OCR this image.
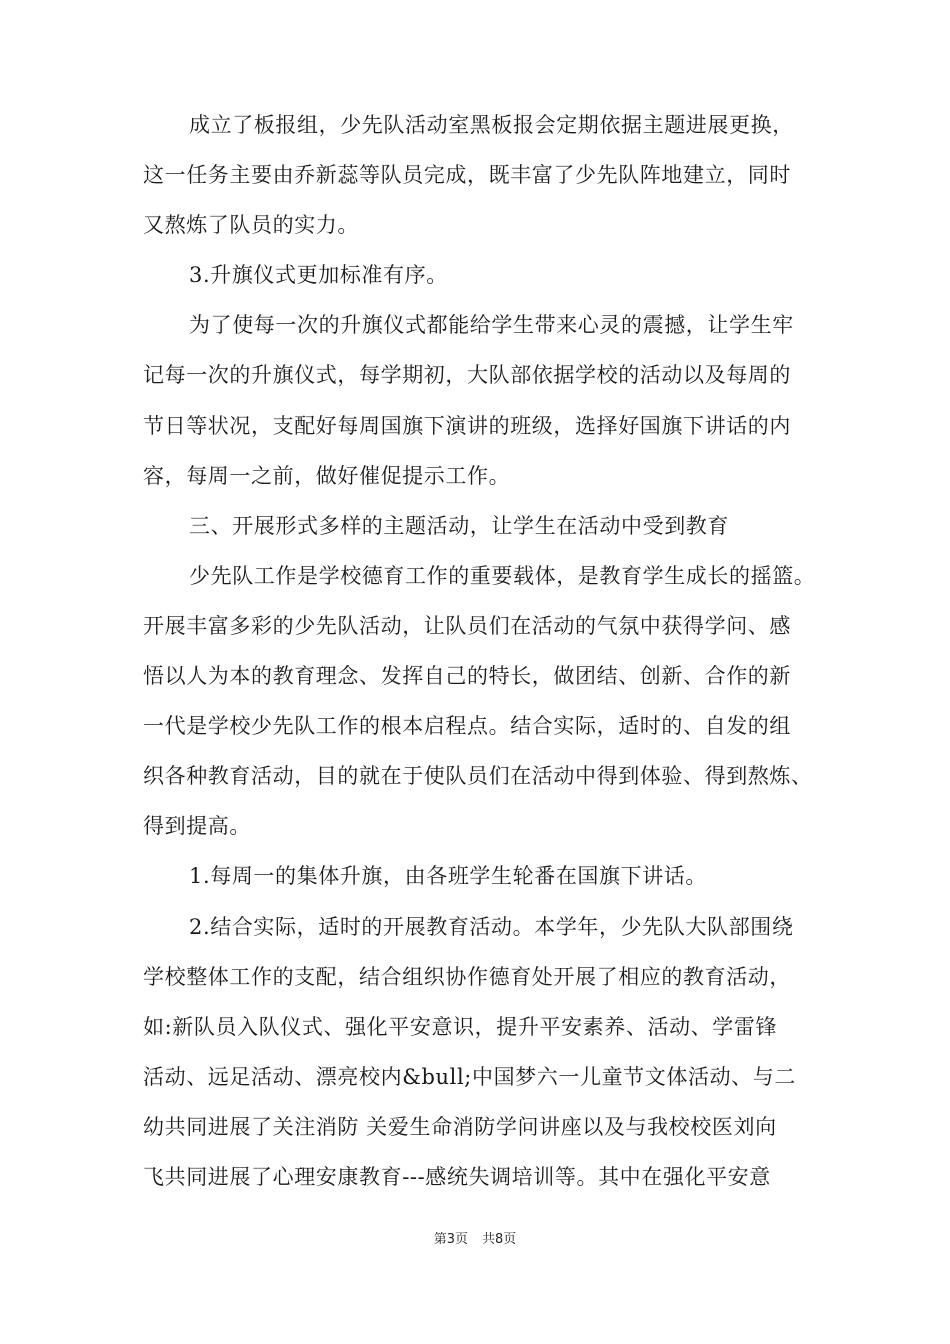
成立了板报组，少先队活动室黑板报会定期依据主题进展更换，
这一任务主要由乔新蕊等队员完成，既丰富了少先队阵地建立，同时
又熬炼了队员的实力。
3.升旗仪式更加标准有序。
为了使每一次的升旗仪式都能给学生带来心灵的震撼，让学生牢
记每一次的升旗仪式，每学期初，大队部依据学校的活动以及每周的
节日等状况，支配好每周国旗下演讲的班级，选择好国旗下讲话的内
容，每周一之前，做好催促提示工作。
三、开展形式多样的主题活动，让学生在活动中受到教育
少先队工作是学校德育工作的重要载体，是教育学生成长的摇篮。
开展丰富多彩的少先队活动，让队员们在活动的气氛中获得学问、感
悟以人为本的教育理念、发挥自己的特长，做团结、创新、合作的新
一代是学校少先队工作的根本启程点。结合实际，适时的、自发的组
织各种教育活动，目的就在于使队员们在活动中得到体验、得到熬炼、
得到提高。
1.每周一的集体升旗，由各班学生轮番在国旗下讲话。
2.结合实际，适时的开展教育活动。本学年，少先队大队部围绕
学校整体工作的支配，结合组织协作德育处开展了相应的教育活动，
如:新队员入队仪式、强化平安意识，提升平安素养、活动、学雷锋
活动、远足活动、漂亮校内&bull;中国梦六一儿童节文体活动、与二
幼共同进展了关注消防 关爱生命消防学问讲座以及与我校校医刘向
飞共同进展了心理安康教育---感统失调培训等。其中在强化平安意
第3页 共8页
